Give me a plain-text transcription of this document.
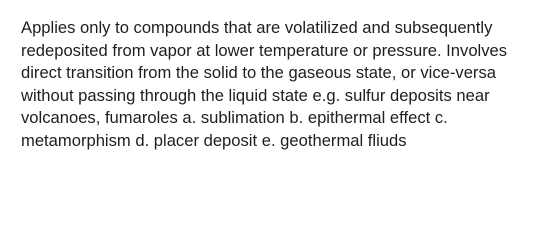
Applies only to compounds that are volatilized and subsequently redeposited from vapor at lower temperature or pressure. Involves direct transition from the solid to the gaseous state, or vice-versa without passing through the liquid state e.g. sulfur deposits near volcanoes, fumaroles a. sublimation b. epithermal effect c. metamorphism d. placer deposit e. geothermal fliuds
